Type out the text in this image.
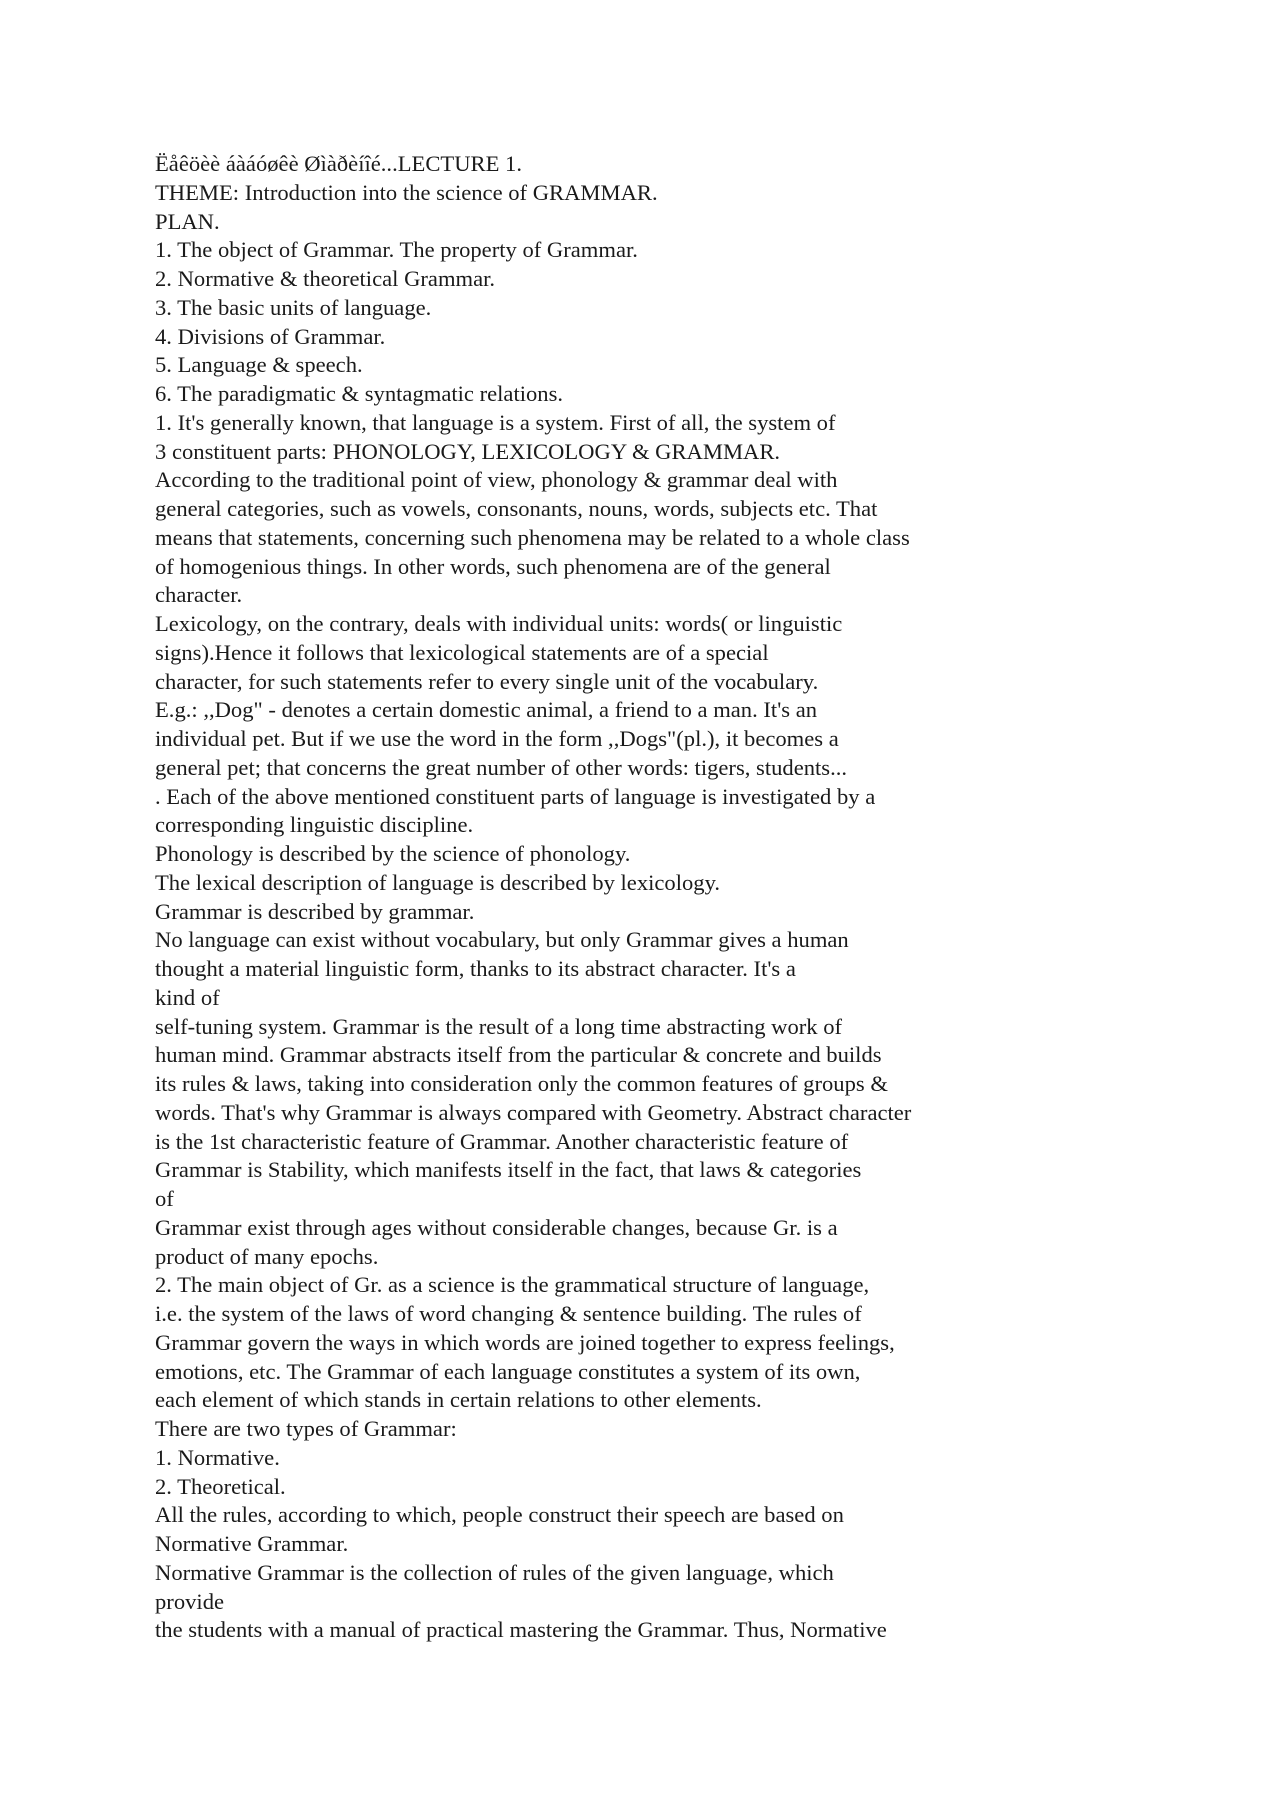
Ëåêöèè áàáóøêè Øìàðèíîé...LECTURE 1.
THEME: Introduction into the science of GRAMMAR.
PLAN.
1. The object of Grammar. The property of Grammar.
2. Normative & theoretical Grammar.
3. The basic units of language.
4. Divisions of Grammar.
5. Language & speech.
6. The paradigmatic & syntagmatic relations.
1. It's generally known, that language is a system. First of all, the system of
3 constituent parts: PHONOLOGY, LEXICOLOGY & GRAMMAR.
According to the traditional point of view, phonology & grammar deal with
general categories, such as vowels, consonants, nouns, words, subjects etc. That
means that statements, concerning such phenomena may be related to a whole class
of homogenious things. In other words, such phenomena are of the general
character.
Lexicology, on the contrary, deals with individual units: words( or linguistic
signs).Hence it follows that lexicological statements are of a special
character, for such statements refer to every single unit of the vocabulary.
E.g.: ,,Dog" - denotes a certain domestic animal, a friend to a man. It's an
individual pet. But if we use the word in the form ,,Dogs"(pl.), it becomes a
general pet; that concerns the great number of other words: tigers, students...
. Each of the above mentioned constituent parts of language is investigated by a
corresponding linguistic discipline.
Phonology is described by the science of phonology.
The lexical description of language is described by lexicology.
Grammar is described by grammar.
No language can exist without vocabulary, but only Grammar gives a human
thought a material linguistic form, thanks to its abstract character. It's a
kind of
self-tuning system. Grammar is the result of a long time abstracting work of
human mind. Grammar abstracts itself from the particular & concrete and builds
its rules & laws, taking into consideration only the common features of groups &
words. That's why Grammar is always compared with Geometry. Abstract character
is the 1st characteristic feature of Grammar. Another characteristic feature of
Grammar is Stability, which manifests itself in the fact, that laws & categories
of
Grammar exist through ages without considerable changes, because Gr. is a
product of many epochs.
2. The main object of Gr. as a science is the grammatical structure of language,
i.e. the system of the laws of word changing & sentence building. The rules of
Grammar govern the ways in which words are joined together to express feelings,
emotions, etc. The Grammar of each language constitutes a system of its own,
each element of which stands in certain relations to other elements.
There are two types of Grammar:
1. Normative.
2. Theoretical.
All the rules, according to which, people construct their speech are based on
Normative Grammar.
Normative Grammar is the collection of rules of the given language, which
provide
the students with a manual of practical mastering the Grammar. Thus, Normative
